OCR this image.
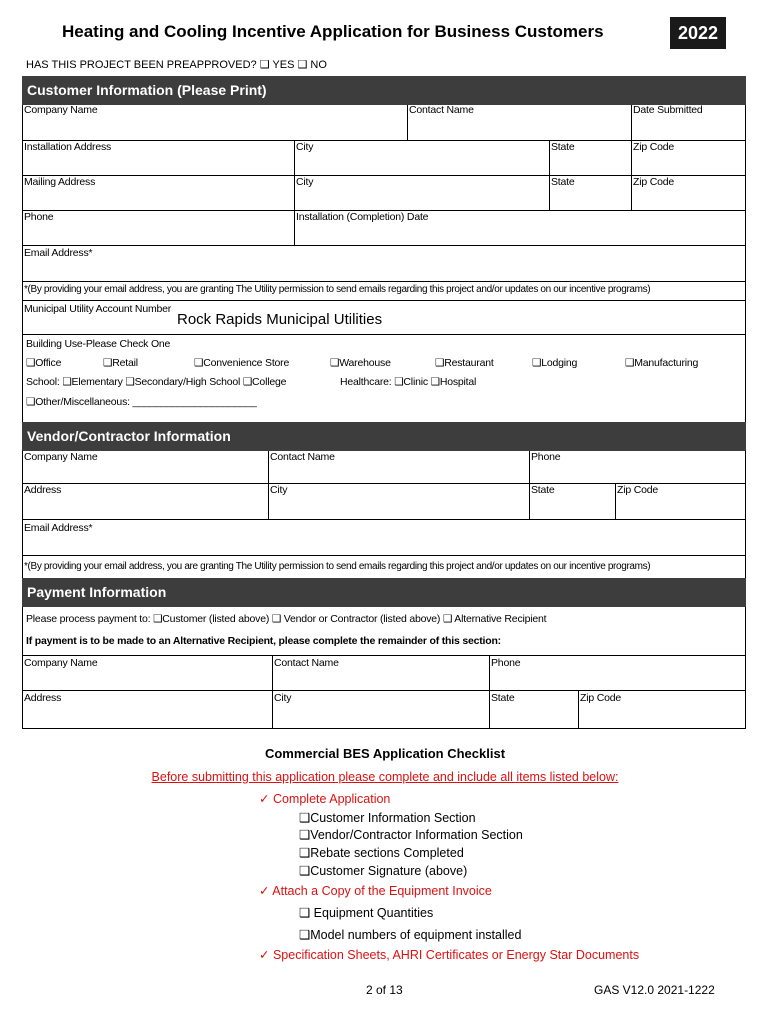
Heating and Cooling Incentive Application for Business Customers	2022
HAS THIS PROJECT BEEN PREAPPROVED? ❑ YES ❑ NO
Customer Information (Please Print)
Company Name	Contact Name	Date Submitted
Installation Address	City	State	Zip Code
Mailing Address	City	State	Zip Code
Phone	Installation (Completion) Date
Email Address*
*(By providing your email address, you are granting The Utility permission to send emails regarding this project and/or updates on our incentive programs)
Municipal Utility Account Number
Rock Rapids Municipal Utilities
Building Use-Please Check One
❑Office	❑Retail	❑Convenience Store	❑Warehouse	❑Restaurant	❑Lodging	❑Manufacturing
School: ❑Elementary ❑Secondary/High School ❑College	Healthcare: ❑Clinic ❑Hospital
❑Other/Miscellaneous: ______________________
Vendor/Contractor Information
Company Name	Contact Name	Phone
Address	City	State	Zip Code
Email Address*
*(By providing your email address, you are granting The Utility permission to send emails regarding this project and/or updates on our incentive programs)
Payment Information
Please process payment to: ❑Customer (listed above) ❑ Vendor or Contractor (listed above) ❑ Alternative Recipient
If payment is to be made to an Alternative Recipient, please complete the remainder of this section:
Company Name	Contact Name	Phone
Address	City	State	Zip Code
Commercial BES Application Checklist
Before submitting this application please complete and include all items listed below:
✓ Complete Application
❑Customer Information Section
❑Vendor/Contractor Information Section
❑Rebate sections Completed
❑Customer Signature (above)
✓ Attach a Copy of the Equipment Invoice
❑ Equipment Quantities
❑Model numbers of equipment installed
✓ Specification Sheets, AHRI Certificates or Energy Star Documents
2 of 13	GAS V12.0 2021-1222
